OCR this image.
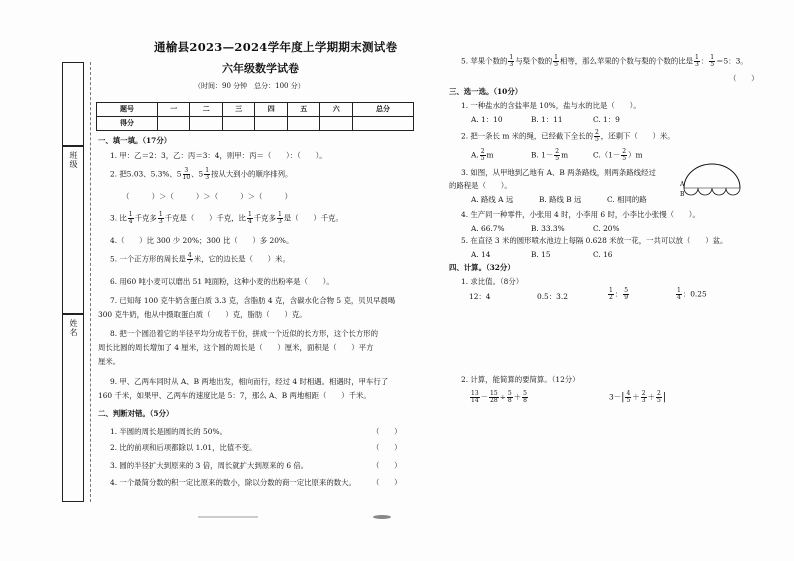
班级
姓名
通榆县2023—2024学年度上学期期末测试卷
六年级数学试卷
（时间：90 分钟　总分：100 分）
题号	一	二	三	四	五	六	总分
得分							
一、填一填。（17分）
1. 甲：乙＝2：3，乙：丙＝3：4，则甲：丙＝（　　）：（　　）。
2. 把5.03、5.3%、$5 \frac{3}{10}$ 、$5 \frac{1}{3}$ 按从大到小的顺序排列。
（　　　）＞（　　　）＞（　　　）＞（　　　）
3. 比 $\frac{1}{4}$ 千克多 $\frac{1}{3}$ 千克是（　　）千克，比 $\frac{1}{4}$ 千克多 $\frac{1}{3}$ 是（　　）千克。
4.（　　）比 300 少 20%；300 比（　　）多 20%。
5. 一个正方形的周长是 $\frac{4}{7}$ 米，它的边长是（　　）米。
6. 用60 吨小麦可以磨出 51 吨面粉，这种小麦的出粉率是（　　）。
7. 已知每 100 克牛奶含蛋白质 3.3 克，含脂肪 4 克，含碳水化合物 5 克，贝贝早晨喝
300 克牛奶，他从中摄取蛋白质（　　）克，脂肪（　　）克。
8. 把一个圆沿着它的半径平均分成若干份，拼成一个近似的长方形，这个长方形的
周长比圆的周长增加了 4 厘米，这个圆的周长是（　　）厘米，面积是（　　）平方
厘米。
9. 甲、乙两车同时从 A、B 两地出发，相向而行，经过 4 时相遇。相遇时，甲车行了
160 千米，如果甲、乙两车的速度比是 5：7，那么 A、B 两地相距（　　）千米。
二、判断对错。（5分）
1. 半圆的周长是圆的周长的 50%。	（　　）
2. 比的前项和后项都除以 1.01，比值不变。	（　　）
3. 圆的半径扩大到原来的 3 倍，周长就扩大到原来的 6 倍。	（　　）
4. 一个最简分数的积一定比原来的数小，除以分数的商一定比原来的数大。 （　　）
5. 苹果个数的 $\frac{1}{3}$ 与梨个数的 $\frac{1}{5}$ 相等，那么苹果的个数与梨的个数的比是 $\frac{1}{3}$ ： $\frac{1}{5} =5$：3。
（　　）
三、选一选。（10分）
1. 一种盐水的含盐率是 10%，盐与水的比是（　　）。
A. 1：10	B. 1：11	C. 1：9
2. 把一条长 m 米的绳，已经截下全长的 $\frac{2}{5}$ ，还剩下（　　）米。
A. $\frac{2}{5}$ m	B. $1- \frac{2}{5}$ m	$C.(1- \frac{2}{5} )m$
3. 如图，从甲地到乙地有 A、B 两条路线，则两条路线经过
的路程是（　　）。
A. 路线 A 远	B. 路线 B 远	C. 相同的路
4. 生产同一种零件，小张用 4 时，小李用 6 时，小李比小张慢（　　）。
A. 66.7%	B. 33.3%	C. 20%
5. 在直径 3 米的圆形喷水池边上每隔 0.628 米放一花，一共可以放（　　）盆。
A. 14	B. 15	C. 16
四、计算。（32分）
1. 求比值。（8分）
12：4	0.5：3.2	$\frac{1}{2}$ ： $\frac{5}{9}$	$\frac{1}{4}$ ：0.25
2. 计算，能简算的要简算。（12分）
$\frac{13}{14} - \frac{15}{28} \div \frac{5}{8} + \frac{5}{8}$	$3-| \frac{4}{5} + \frac{2}{3} + \frac{2}{5}$ |
A
B
